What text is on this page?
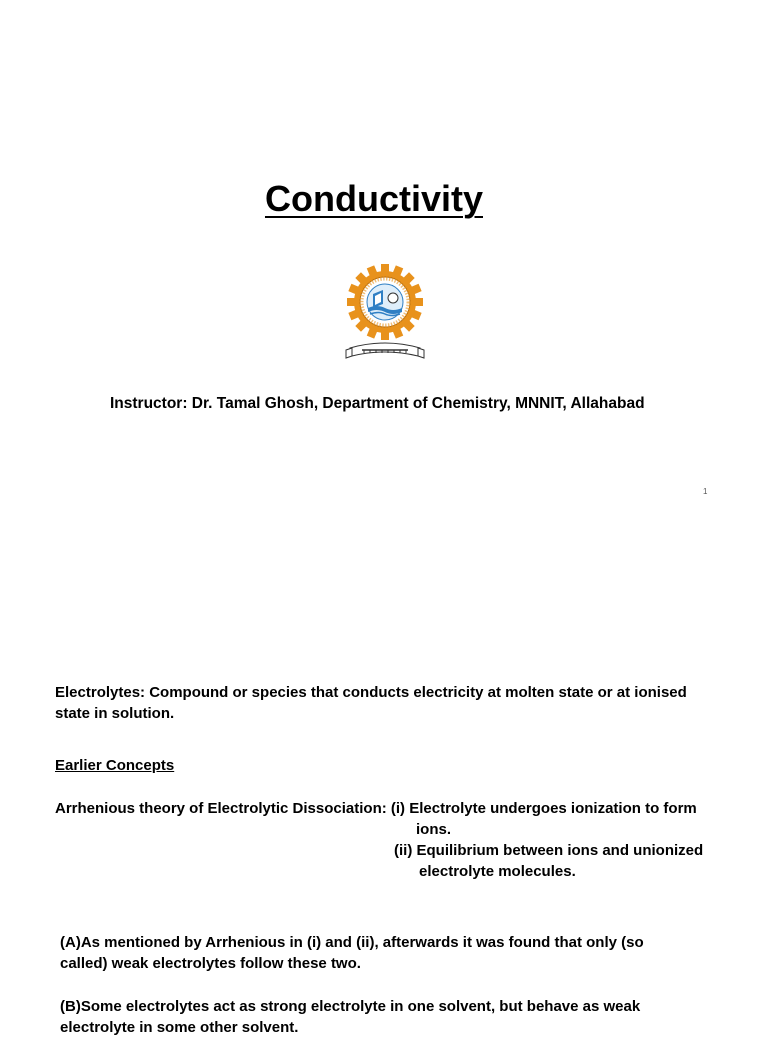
Conductivity
Instructor: Dr. Tamal Ghosh, Department of Chemistry, MNNIT, Allahabad
1
Electrolytes: Compound or species that conducts electricity at molten state or at ionised
state in solution.
Earlier Concepts
Arrhenious theory of Electrolytic Dissociation: (i) Electrolyte undergoes ionization to form
ions.
(ii) Equilibrium between ions and unionized
electrolyte molecules.
(A)As mentioned by Arrhenious in (i) and (ii), afterwards it was found that only (so
called) weak electrolytes follow these two.
(B)Some electrolytes act as strong electrolyte in one solvent, but behave as weak
electrolyte in some other solvent.
